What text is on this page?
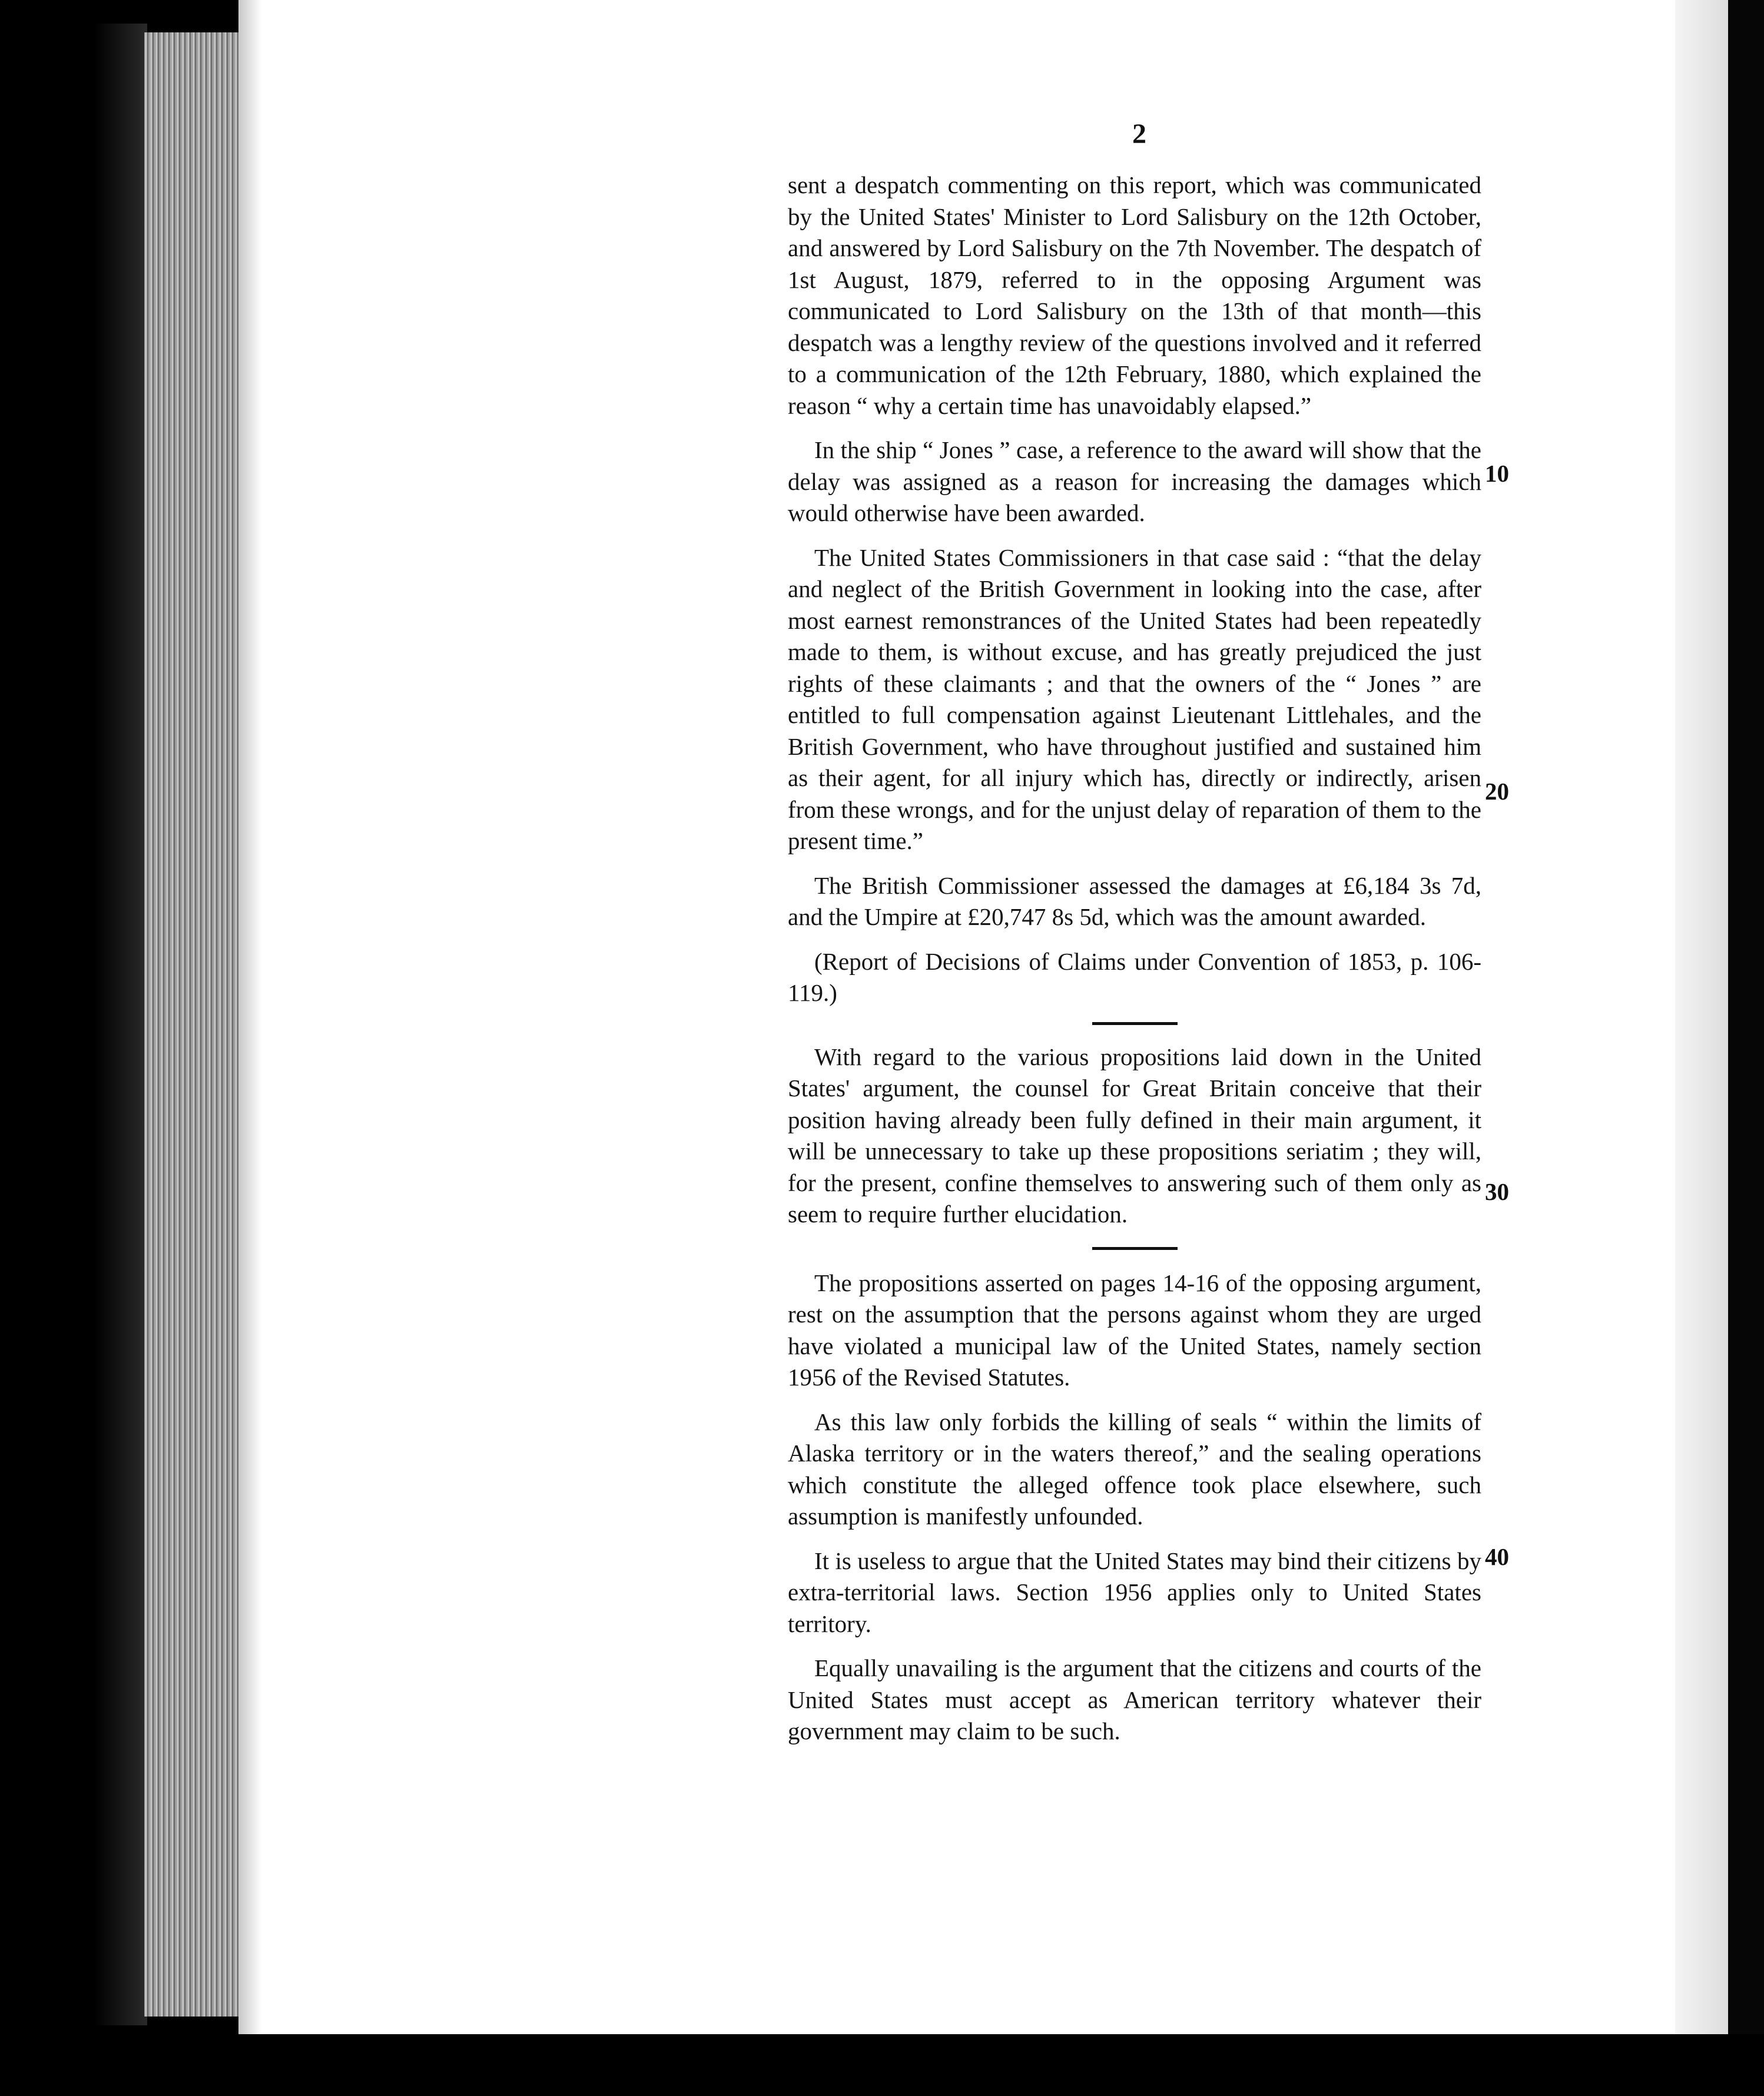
2

sent a despatch commenting on this report, which was communicated by the United States' Minister to Lord Salisbury on the 12th October, and answered by Lord Salisbury on the 7th November. The despatch of 1st August, 1879, referred to in the opposing Argument was communicated to Lord Salisbury on the 13th of that month—this despatch was a lengthy review of the questions involved and it referred to a communication of the 12th February, 1880, which explained the reason “ why a certain time has unavoidably elapsed.”

In the ship “ Jones ” case, a reference to the award will show that the delay was assigned as a reason for increasing the damages which would otherwise have been awarded.

The United States Commissioners in that case said : “that the delay and neglect of the British Government in looking into the case, after most earnest remonstrances of the United States had been repeatedly made to them, is without excuse, and has greatly prejudiced the just rights of these claimants ; and that the owners of the “ Jones ” are entitled to full compensation against Lieutenant Littlehales, and the British Government, who have throughout justified and sustained him as their agent, for all injury which has, directly or indirectly, arisen from these wrongs, and for the unjust delay of reparation of them to the present time.”

The British Commissioner assessed the damages at £6,184 3s 7d, and the Umpire at £20,747 8s 5d, which was the amount awarded.

(Report of Decisions of Claims under Convention of 1853, p. 106-119.)

With regard to the various propositions laid down in the United States' argument, the counsel for Great Britain conceive that their position having already been fully defined in their main argument, it will be unnecessary to take up these propositions seriatim ; they will, for the present, confine themselves to answering such of them only as seem to require further elucidation.

The propositions asserted on pages 14-16 of the opposing argument, rest on the assumption that the persons against whom they are urged have violated a municipal law of the United States, namely section 1956 of the Revised Statutes.

As this law only forbids the killing of seals “ within the limits of Alaska territory or in the waters thereof,” and the sealing operations which constitute the alleged offence took place elsewhere, such assumption is manifestly unfounded.

It is useless to argue that the United States may bind their citizens by extra-territorial laws. Section 1956 applies only to United States territory.

Equally unavailing is the argument that the citizens and courts of the United States must accept as American territory whatever their government may claim to be such.

10
20
30
40
